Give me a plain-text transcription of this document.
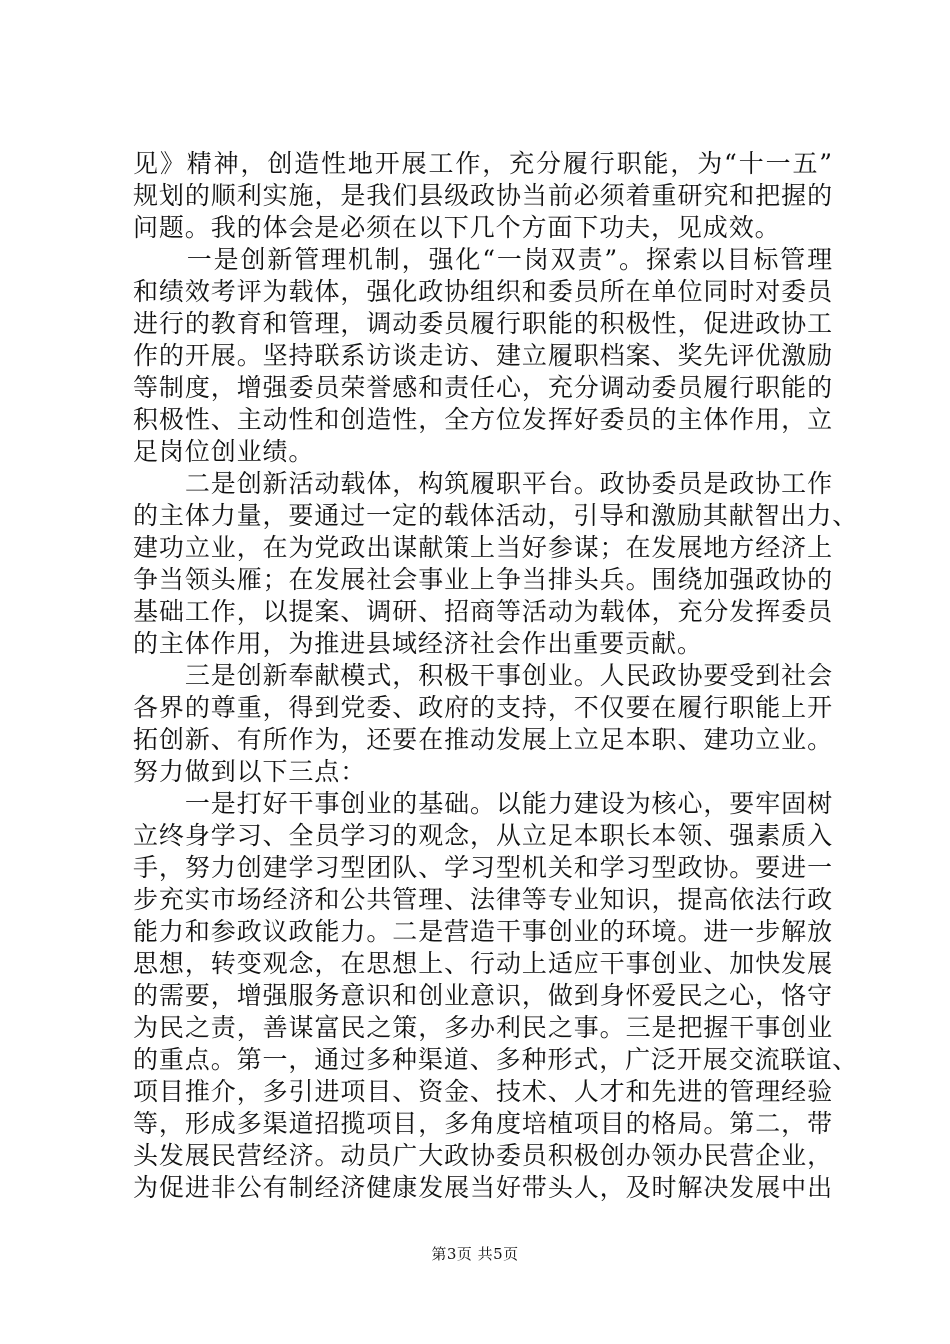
见》精神，创造性地开展工作，充分履行职能，为“十一五”
规划的顺利实施，是我们县级政协当前必须着重研究和把握的
问题。我的体会是必须在以下几个方面下功夫，见成效。
　　一是创新管理机制，强化“一岗双责”。探索以目标管理
和绩效考评为载体，强化政协组织和委员所在单位同时对委员
进行的教育和管理，调动委员履行职能的积极性，促进政协工
作的开展。坚持联系访谈走访、建立履职档案、奖先评优激励
等制度，增强委员荣誉感和责任心，充分调动委员履行职能的
积极性、主动性和创造性，全方位发挥好委员的主体作用，立
足岗位创业绩。
　　二是创新活动载体，构筑履职平台。政协委员是政协工作
的主体力量，要通过一定的载体活动，引导和激励其献智出力、
建功立业，在为党政出谋献策上当好参谋；在发展地方经济上
争当领头雁；在发展社会事业上争当排头兵。围绕加强政协的
基础工作，以提案、调研、招商等活动为载体，充分发挥委员
的主体作用，为推进县域经济社会作出重要贡献。
　　三是创新奉献模式，积极干事创业。人民政协要受到社会
各界的尊重，得到党委、政府的支持，不仅要在履行职能上开
拓创新、有所作为，还要在推动发展上立足本职、建功立业。
努力做到以下三点：
　　一是打好干事创业的基础。以能力建设为核心，要牢固树
立终身学习、全员学习的观念，从立足本职长本领、强素质入
手，努力创建学习型团队、学习型机关和学习型政协。要进一
步充实市场经济和公共管理、法律等专业知识，提高依法行政
能力和参政议政能力。二是营造干事创业的环境。进一步解放
思想，转变观念，在思想上、行动上适应干事创业、加快发展
的需要，增强服务意识和创业意识，做到身怀爱民之心，恪守
为民之责，善谋富民之策，多办利民之事。三是把握干事创业
的重点。第一，通过多种渠道、多种形式，广泛开展交流联谊、
项目推介，多引进项目、资金、技术、人才和先进的管理经验
等，形成多渠道招揽项目，多角度培植项目的格局。第二，带
头发展民营经济。动员广大政协委员积极创办领办民营企业，
为促进非公有制经济健康发展当好带头人，及时解决发展中出
第3页 共5页
